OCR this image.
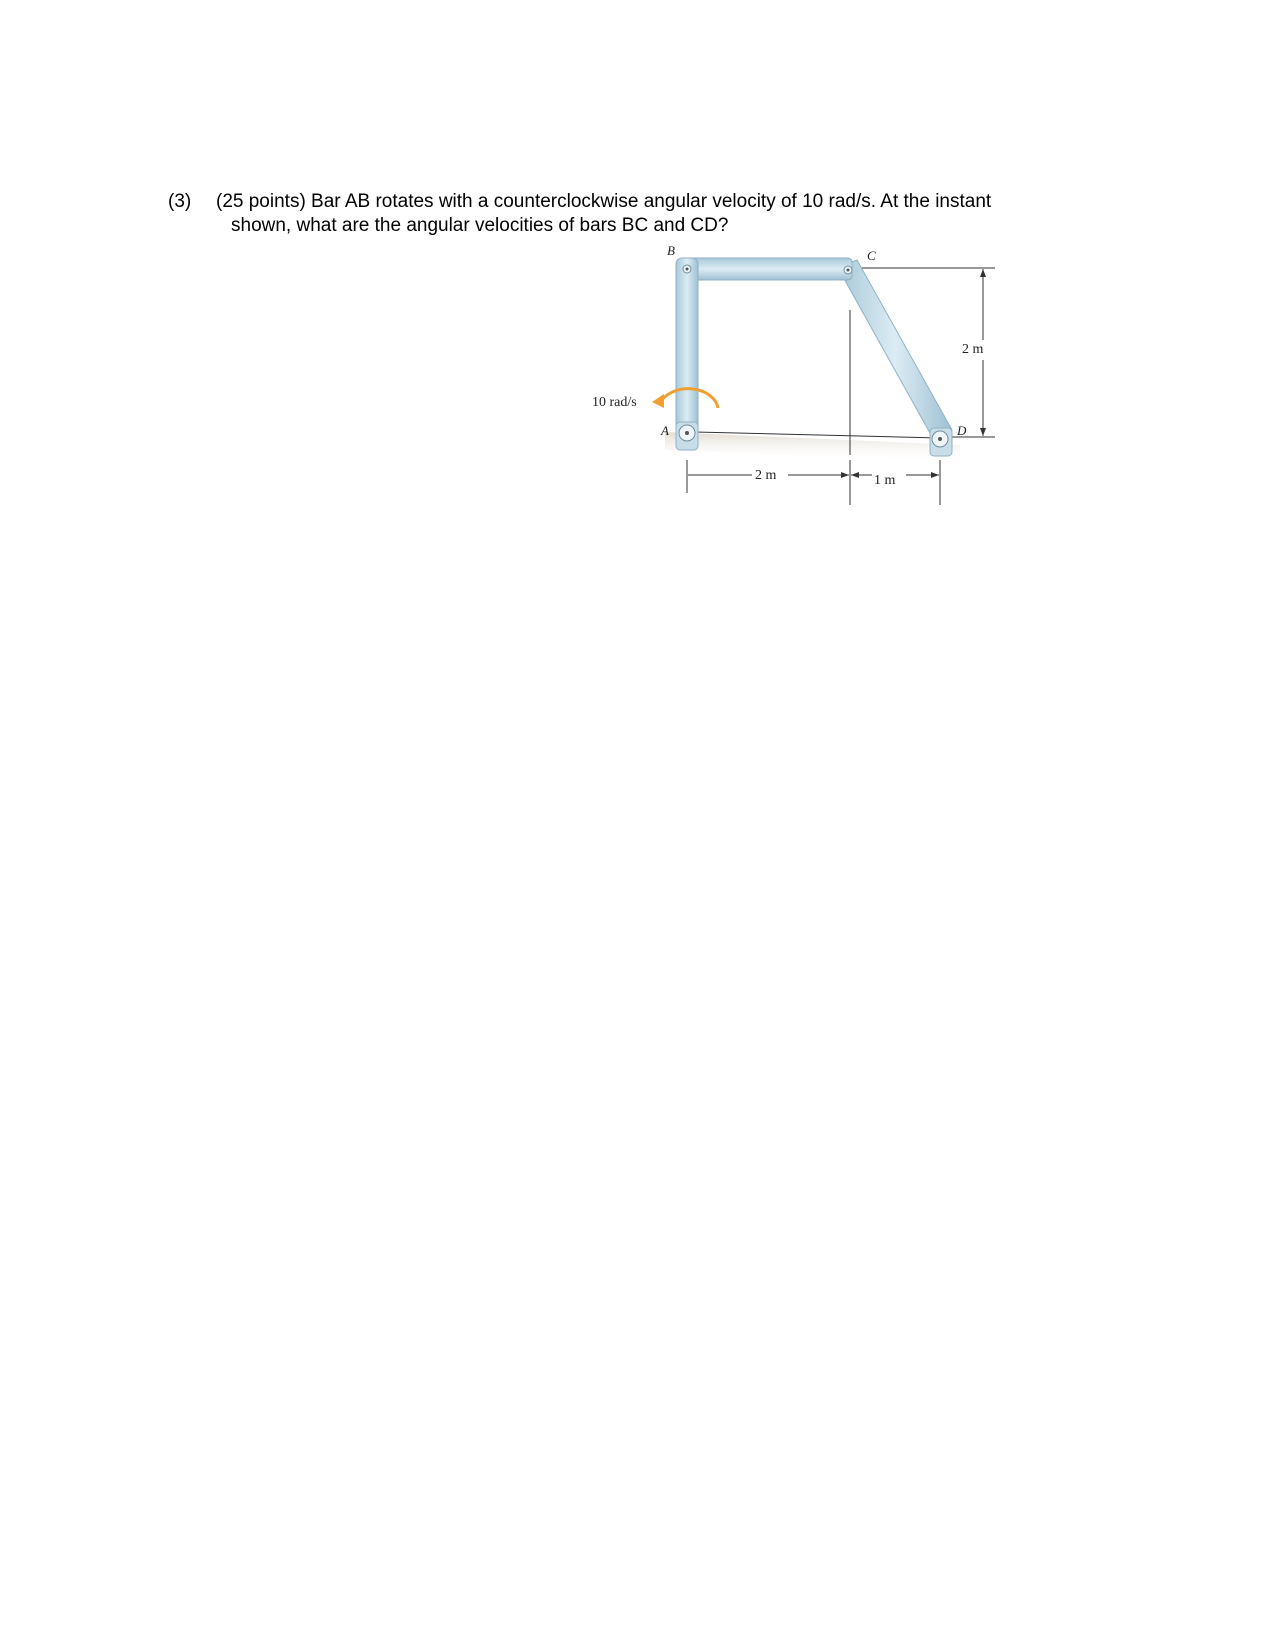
(3) (25 points) Bar AB rotates with a counterclockwise angular velocity of 10 rad/s. At the instant
shown, what are the angular velocities of bars BC and CD?
B	C
A	D
10 rad/s
2 m	1 m
2 m
